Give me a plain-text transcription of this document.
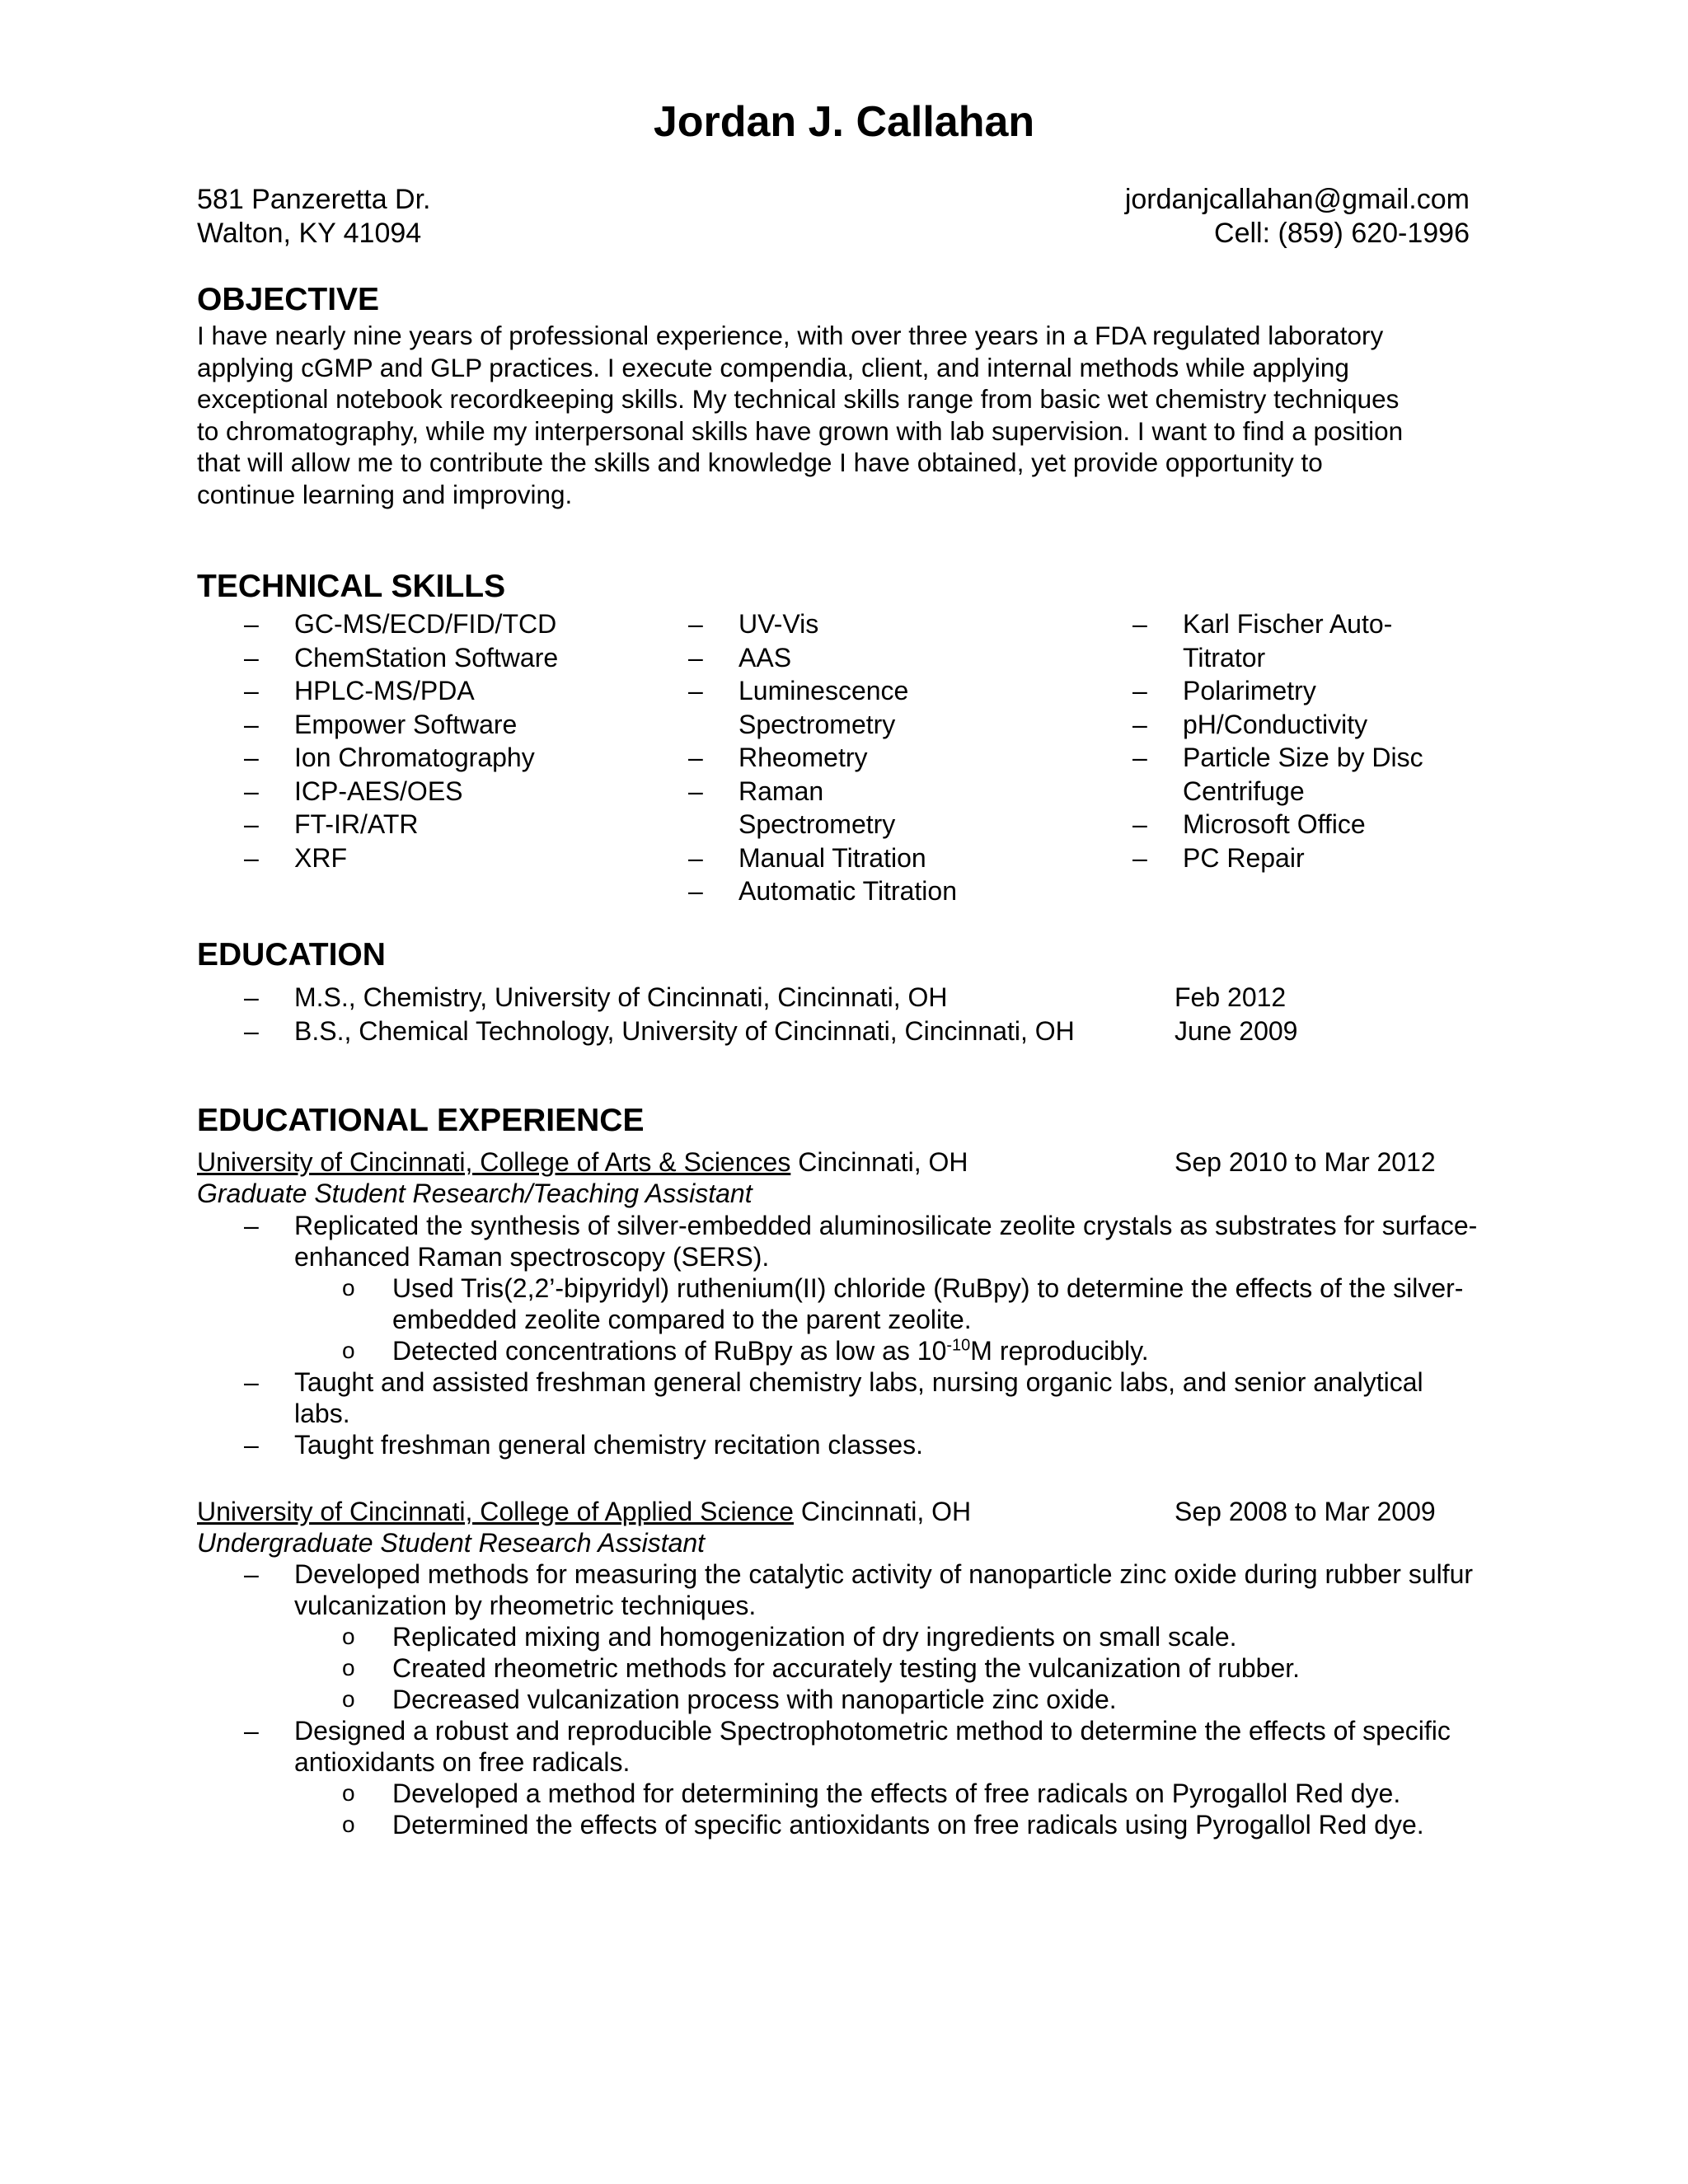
Jordan J. Callahan
581 Panzeretta Dr.
Walton, KY 41094
jordanjcallahan@gmail.com
Cell: (859) 620-1996
OBJECTIVE
I have nearly nine years of professional experience, with over three years in a FDA regulated laboratory
applying cGMP and GLP practices. I execute compendia, client, and internal methods while applying
exceptional notebook recordkeeping skills. My technical skills range from basic wet chemistry techniques
to chromatography, while my interpersonal skills have grown with lab supervision. I want to find a position
that will allow me to contribute the skills and knowledge I have obtained, yet provide opportunity to
continue learning and improving.
TECHNICAL SKILLS
– GC-MS/ECD/FID/TCD
– ChemStation Software
– HPLC-MS/PDA
– Empower Software
– Ion Chromatography
– ICP-AES/OES
– FT-IR/ATR
– XRF
– UV-Vis
– AAS
– Luminescence Spectrometry
– Rheometry
– Raman Spectrometry
– Manual Titration
– Automatic Titration
– Karl Fischer Auto-Titrator
– Polarimetry
– pH/Conductivity
– Particle Size by Disc Centrifuge
– Microsoft Office
– PC Repair
EDUCATION
– M.S., Chemistry, University of Cincinnati, Cincinnati, OH	Feb 2012
– B.S., Chemical Technology, University of Cincinnati, Cincinnati, OH	June 2009
EDUCATIONAL EXPERIENCE
University of Cincinnati, College of Arts & Sciences Cincinnati, OH	Sep 2010 to Mar 2012
Graduate Student Research/Teaching Assistant
– Replicated the synthesis of silver-embedded aluminosilicate zeolite crystals as substrates for surface-enhanced Raman spectroscopy (SERS).
o Used Tris(2,2’-bipyridyl) ruthenium(II) chloride (RuBpy) to determine the effects of the silver-embedded zeolite compared to the parent zeolite.
o Detected concentrations of RuBpy as low as $10^{-10}M$ reproducibly.
– Taught and assisted freshman general chemistry labs, nursing organic labs, and senior analytical labs.
– Taught freshman general chemistry recitation classes.
University of Cincinnati, College of Applied Science Cincinnati, OH	Sep 2008 to Mar 2009
Undergraduate Student Research Assistant
– Developed methods for measuring the catalytic activity of nanoparticle zinc oxide during rubber sulfur vulcanization by rheometric techniques.
o Replicated mixing and homogenization of dry ingredients on small scale.
o Created rheometric methods for accurately testing the vulcanization of rubber.
o Decreased vulcanization process with nanoparticle zinc oxide.
– Designed a robust and reproducible Spectrophotometric method to determine the effects of specific antioxidants on free radicals.
o Developed a method for determining the effects of free radicals on Pyrogallol Red dye.
o Determined the effects of specific antioxidants on free radicals using Pyrogallol Red dye.
